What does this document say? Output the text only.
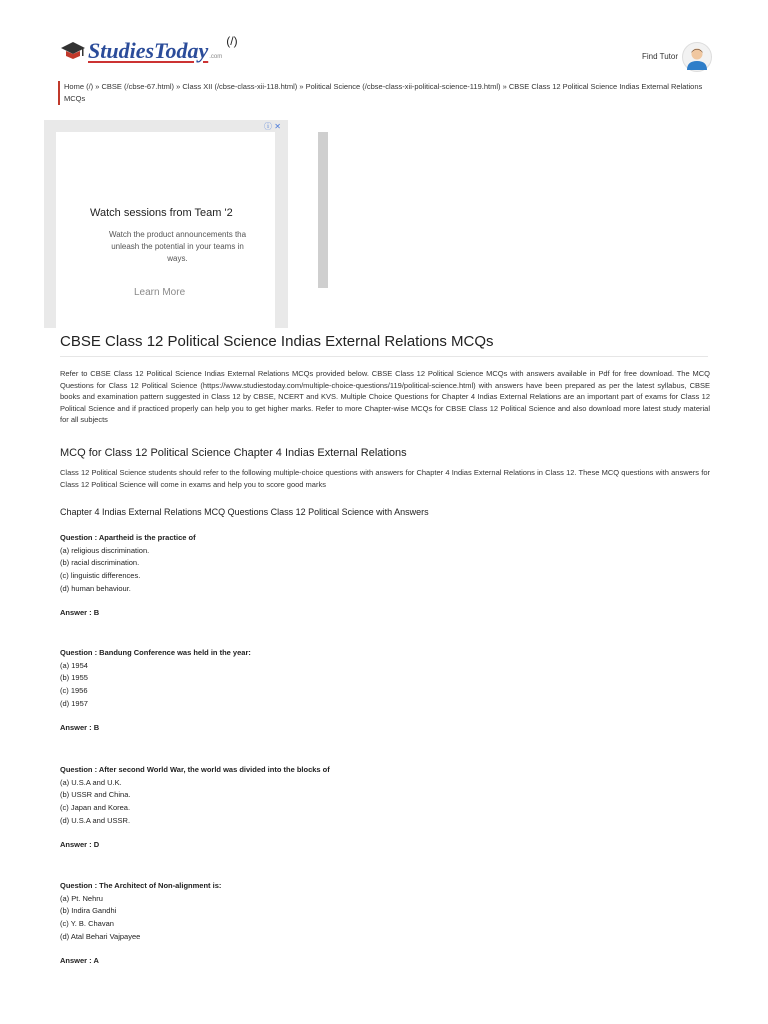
StudiesToday .com
(/)
Find Tutor
Home (/) » CBSE (/cbse-67.html) » Class XII (/cbse-class-xii-118.html) » Political Science (/cbse-class-xii-political-science-119.html) » CBSE Class 12 Political Science Indias External Relations MCQs
Watch sessions from Team '2
Watch the product announcements tha
unleash the potential in your teams in
ways.
Learn More
ⓘ ✕
CBSE Class 12 Political Science Indias External Relations MCQs

Refer to CBSE Class 12 Political Science Indias External Relations MCQs provided below. CBSE Class 12 Political Science MCQs with answers available in Pdf for free download. The MCQ Questions for Class 12 Political Science (https://www.studiestoday.com/multiple-choice-questions/119/political-science.html) with answers have been prepared as per the latest syllabus, CBSE books and examination pattern suggested in Class 12 by CBSE, NCERT and KVS. Multiple Choice Questions for Chapter 4 Indias External Relations are an important part of exams for Class 12 Political Science and if practiced properly can help you to get higher marks. Refer to more Chapter-wise MCQs for CBSE Class 12 Political Science and also download more latest study material for all subjects

MCQ for Class 12 Political Science Chapter 4 Indias External Relations

Class 12 Political Science students should refer to the following multiple-choice questions with answers for Chapter 4 Indias External Relations in Class 12. These MCQ questions with answers for Class 12 Political Science will come in exams and help you to score good marks

Chapter 4 Indias External Relations MCQ Questions Class 12 Political Science with Answers
Question : Apartheid is the practice of
(a) religious discrimination.
(b) racial discrimination.
(c) linguistic differences.
(d) human behaviour.
Answer : B
Question : Bandung Conference was held in the year:
(a) 1954
(b) 1955
(c) 1956
(d) 1957
Answer : B
Question : After second World War, the world was divided into the blocks of
(a) U.S.A and U.K.
(b) USSR and China.
(c) Japan and Korea.
(d) U.S.A and USSR.
Answer : D
Question : The Architect of Non-alignment is:
(a) Pt. Nehru
(b) Indira Gandhi
(c) Y. B. Chavan
(d) Atal Behari Vajpayee
Answer : A
